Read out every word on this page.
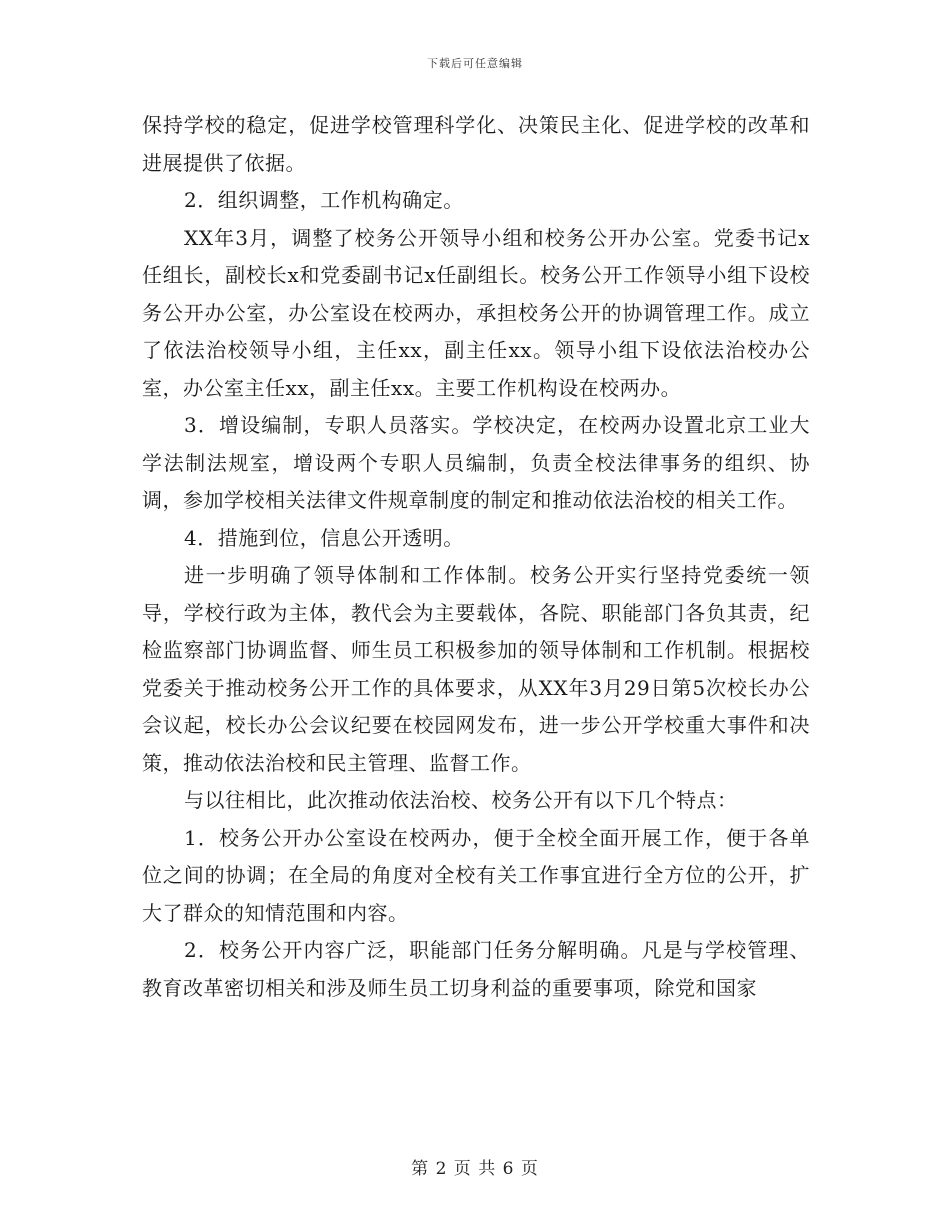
下载后可任意编辑

保持学校的稳定，促进学校管理科学化、决策民主化、促进学校的改革和进展提供了依据。

2．组织调整，工作机构确定。

XX年3月，调整了校务公开领导小组和校务公开办公室。党委书记x任组长，副校长x和党委副书记x任副组长。校务公开工作领导小组下设校务公开办公室，办公室设在校两办，承担校务公开的协调管理工作。成立了依法治校领导小组，主任xx，副主任xx。领导小组下设依法治校办公室，办公室主任xx，副主任xx。主要工作机构设在校两办。

3．增设编制，专职人员落实。学校决定，在校两办设置北京工业大学法制法规室，增设两个专职人员编制，负责全校法律事务的组织、协调，参加学校相关法律文件规章制度的制定和推动依法治校的相关工作。

4．措施到位，信息公开透明。

进一步明确了领导体制和工作体制。校务公开实行坚持党委统一领导，学校行政为主体，教代会为主要载体，各院、职能部门各负其责，纪检监察部门协调监督、师生员工积极参加的领导体制和工作机制。根据校党委关于推动校务公开工作的具体要求，从XX年3月29日第5次校长办公会议起，校长办公会议纪要在校园网发布，进一步公开学校重大事件和决策，推动依法治校和民主管理、监督工作。

与以往相比，此次推动依法治校、校务公开有以下几个特点：

1．校务公开办公室设在校两办，便于全校全面开展工作，便于各单位之间的协调；在全局的角度对全校有关工作事宜进行全方位的公开，扩大了群众的知情范围和内容。

2．校务公开内容广泛，职能部门任务分解明确。凡是与学校管理、教育改革密切相关和涉及师生员工切身利益的重要事项，除党和国家

第 2 页 共 6 页
